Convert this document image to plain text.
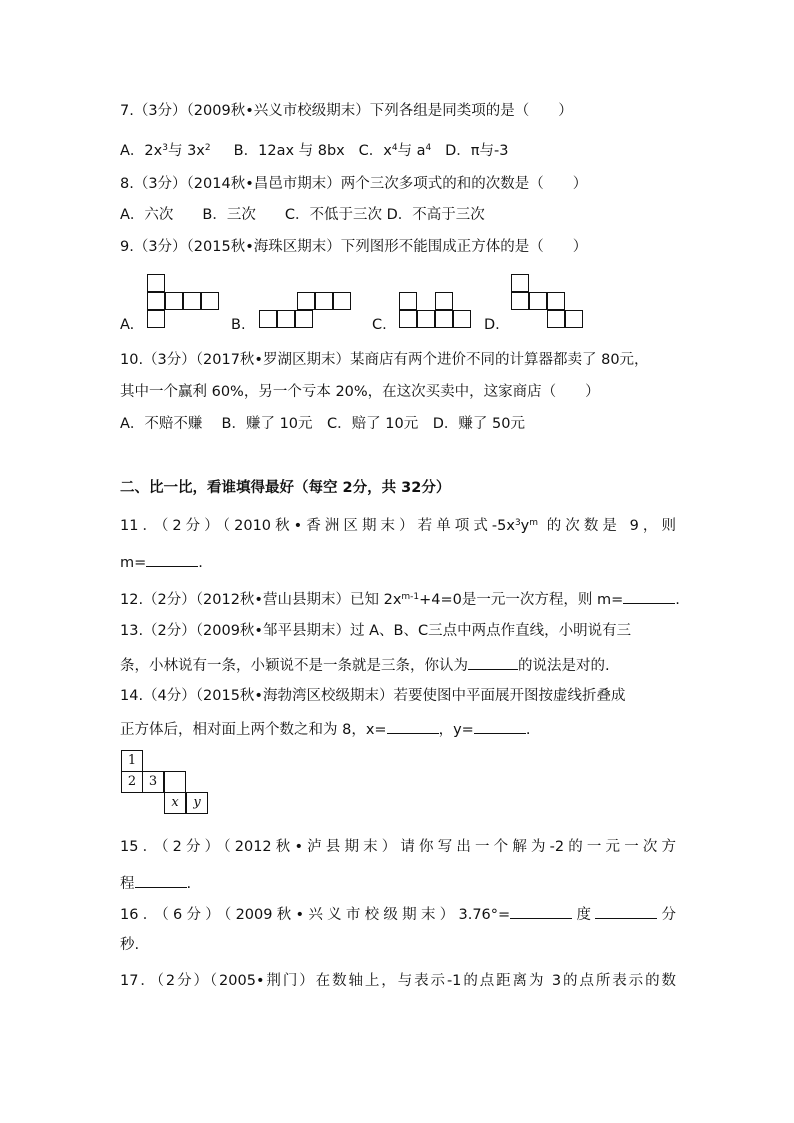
7.（3分）（2009秋•兴义市校级期末）下列各组是同类项的是（　　）
A．$2x^3$与 $3x^2$ B．12ax 与 8bx C．$x^4$与 $a^4$ D．π与-3
8.（3分）（2014秋•昌邑市期末）两个三次多项式的和的次数是（　　）
A．六次　　B．三次　　C．不低于三次 D．不高于三次
9.（3分）（2015秋•海珠区期末）下列图形不能围成正方体的是（　　）
A.	B.	C.	D.
10.（3分）（2017秋•罗湖区期末）某商店有两个进价不同的计算器都卖了 80元，
其中一个赢利 60%，另一个亏本 20%，在这次买卖中，这家商店（　　）
A．不赔不赚　 B．赚了 10元　C．赔了 10元　D．赚了 50元
二、比一比，看谁填得最好（每空 2分，共 32分）
11．（2分）（2010秋•香洲区期末）若单项式$-5x^3y^m$ 的次数是 9，则
m=	.
12.（2分）（2012秋•营山县期末）已知 $2x^{m-1}+4=0$是一元一次方程，则 m=	.
13.（2分）（2009秋•邹平县期末）过 A、B、C三点中两点作直线，小明说有三
条，小林说有一条，小颖说不是一条就是三条，你认为	的说法是对的.
14.（4分）（2015秋•海勃湾区校级期末）若要使图中平面展开图按虚线折叠成
正方体后，相对面上两个数之和为 8，x=	，y=	.
1
2 3
x	y
15．（2分）（2012秋•泸县期末）请你写出一个解为-2的一元一次方
程	.
16．（6分）（2009秋•兴义市校级期末）3.76°=	度	分
秒.
17．（2分）（2005•荆门）在数轴上，与表示-1的点距离为 3的点所表示的数
